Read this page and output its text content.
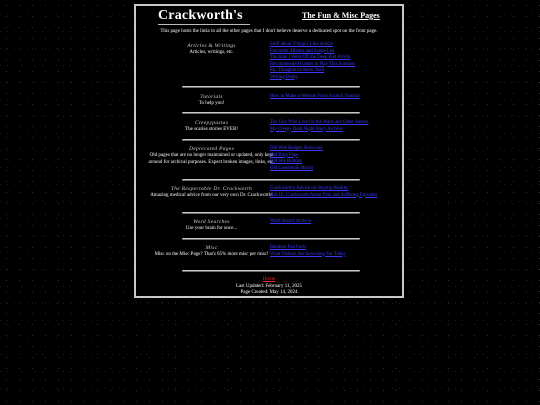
Crackworth's	The Fun & Misc Pages
This page hosts the links to all the other pages that I don't believe deserve a dedicated spot on the front page.
Articles & Writings
Articles, writings, etc.
Stuff about Things I Like Article
Favourite Albums and Songs List
The time I Went Off the Deep End Article
Recommended Games to Play This Summer
My Thoughts on Retro Tech
Writing Dump
Tutorials
To help you!
How to Make a Website From Scratch Tutorial
Creepypastas
The scaries stories EVER!
The Guy Who Lived in the Walls and Other Stories
My Creepy Dark Night Story Archive
Deprecated Pages
Old pages that are no longer maintained or updated, only kept around for archival purposes. Expect broken images, links, etc.
Old Web Badges Showcase
Old Blog Page
Old Site Buttons
Old Guestbook Mirror
The Respectable Dr. Crackworth
Amazing medical advice from our very own Dr. Crackworth!
Crackworth's Advice on Staying Healthy
Ask Dr. Crackworth About Pain and Suffering Episodes
Word Searches
Use your brain for once...
Word Search Archive
Misc
Misc on the Misc Page? That's 65% more misc per misc!
Random Fun Facts
What Visitors Are Searching For Today
Home
Last Updated: February 11, 2025
Page Created: May 14, 2024
